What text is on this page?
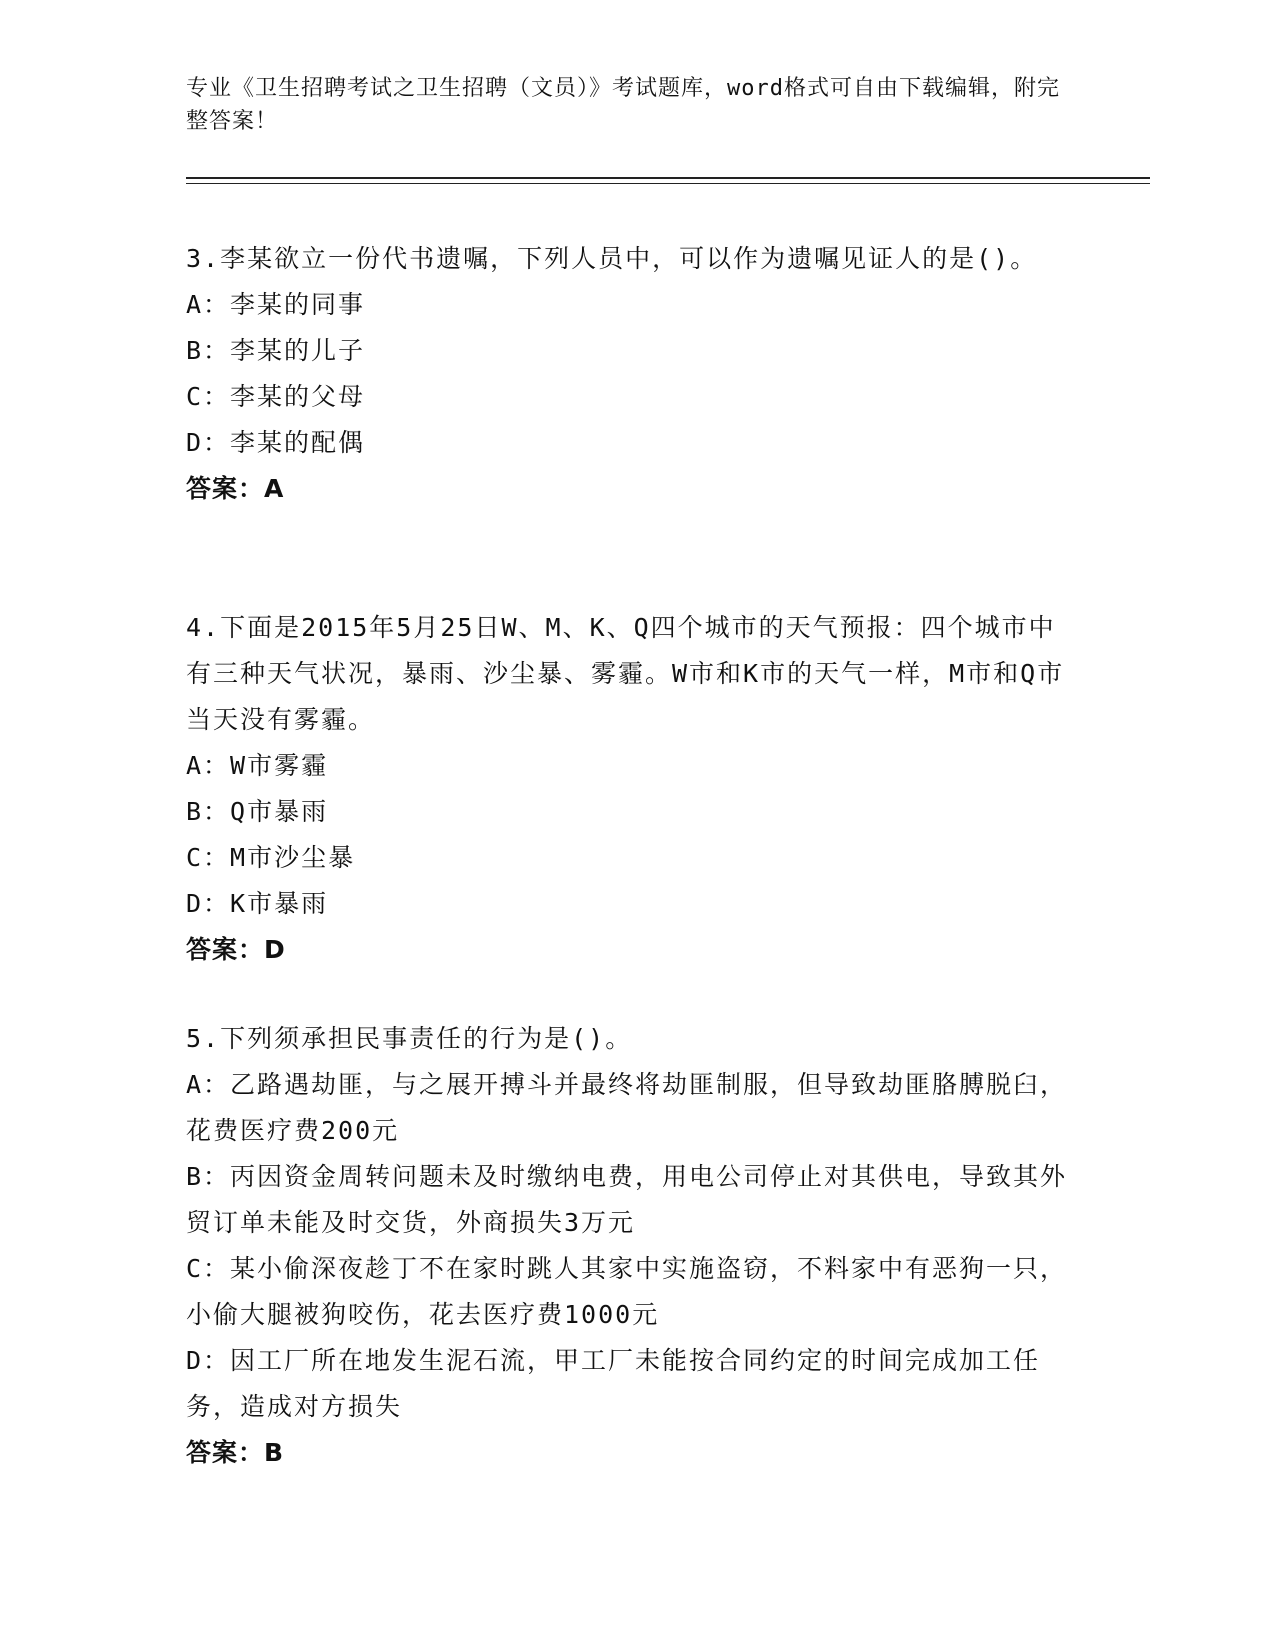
专业《卫生招聘考试之卫生招聘（文员）》考试题库，word格式可自由下载编辑，附完整答案！

3.李某欲立一份代书遗嘱，下列人员中，可以作为遗嘱见证人的是()。

A：李某的同事

B：李某的儿子

C：李某的父母

D：李某的配偶

答案：A

4.下面是2015年5月25日W、M、K、Q四个城市的天气预报：四个城市中有三种天气状况，暴雨、沙尘暴、雾霾。W市和K市的天气一样，M市和Q市当天没有雾霾。

A：W市雾霾

B：Q市暴雨

C：M市沙尘暴

D：K市暴雨

答案：D

5.下列须承担民事责任的行为是()。

A：乙路遇劫匪，与之展开搏斗并最终将劫匪制服，但导致劫匪胳膊脱臼，花费医疗费200元

B：丙因资金周转问题未及时缴纳电费，用电公司停止对其供电，导致其外贸订单未能及时交货，外商损失3万元

C：某小偷深夜趁丁不在家时跳人其家中实施盗窃，不料家中有恶狗一只，小偷大腿被狗咬伤，花去医疗费1000元

D：因工厂所在地发生泥石流，甲工厂未能按合同约定的时间完成加工任务，造成对方损失

答案：B
